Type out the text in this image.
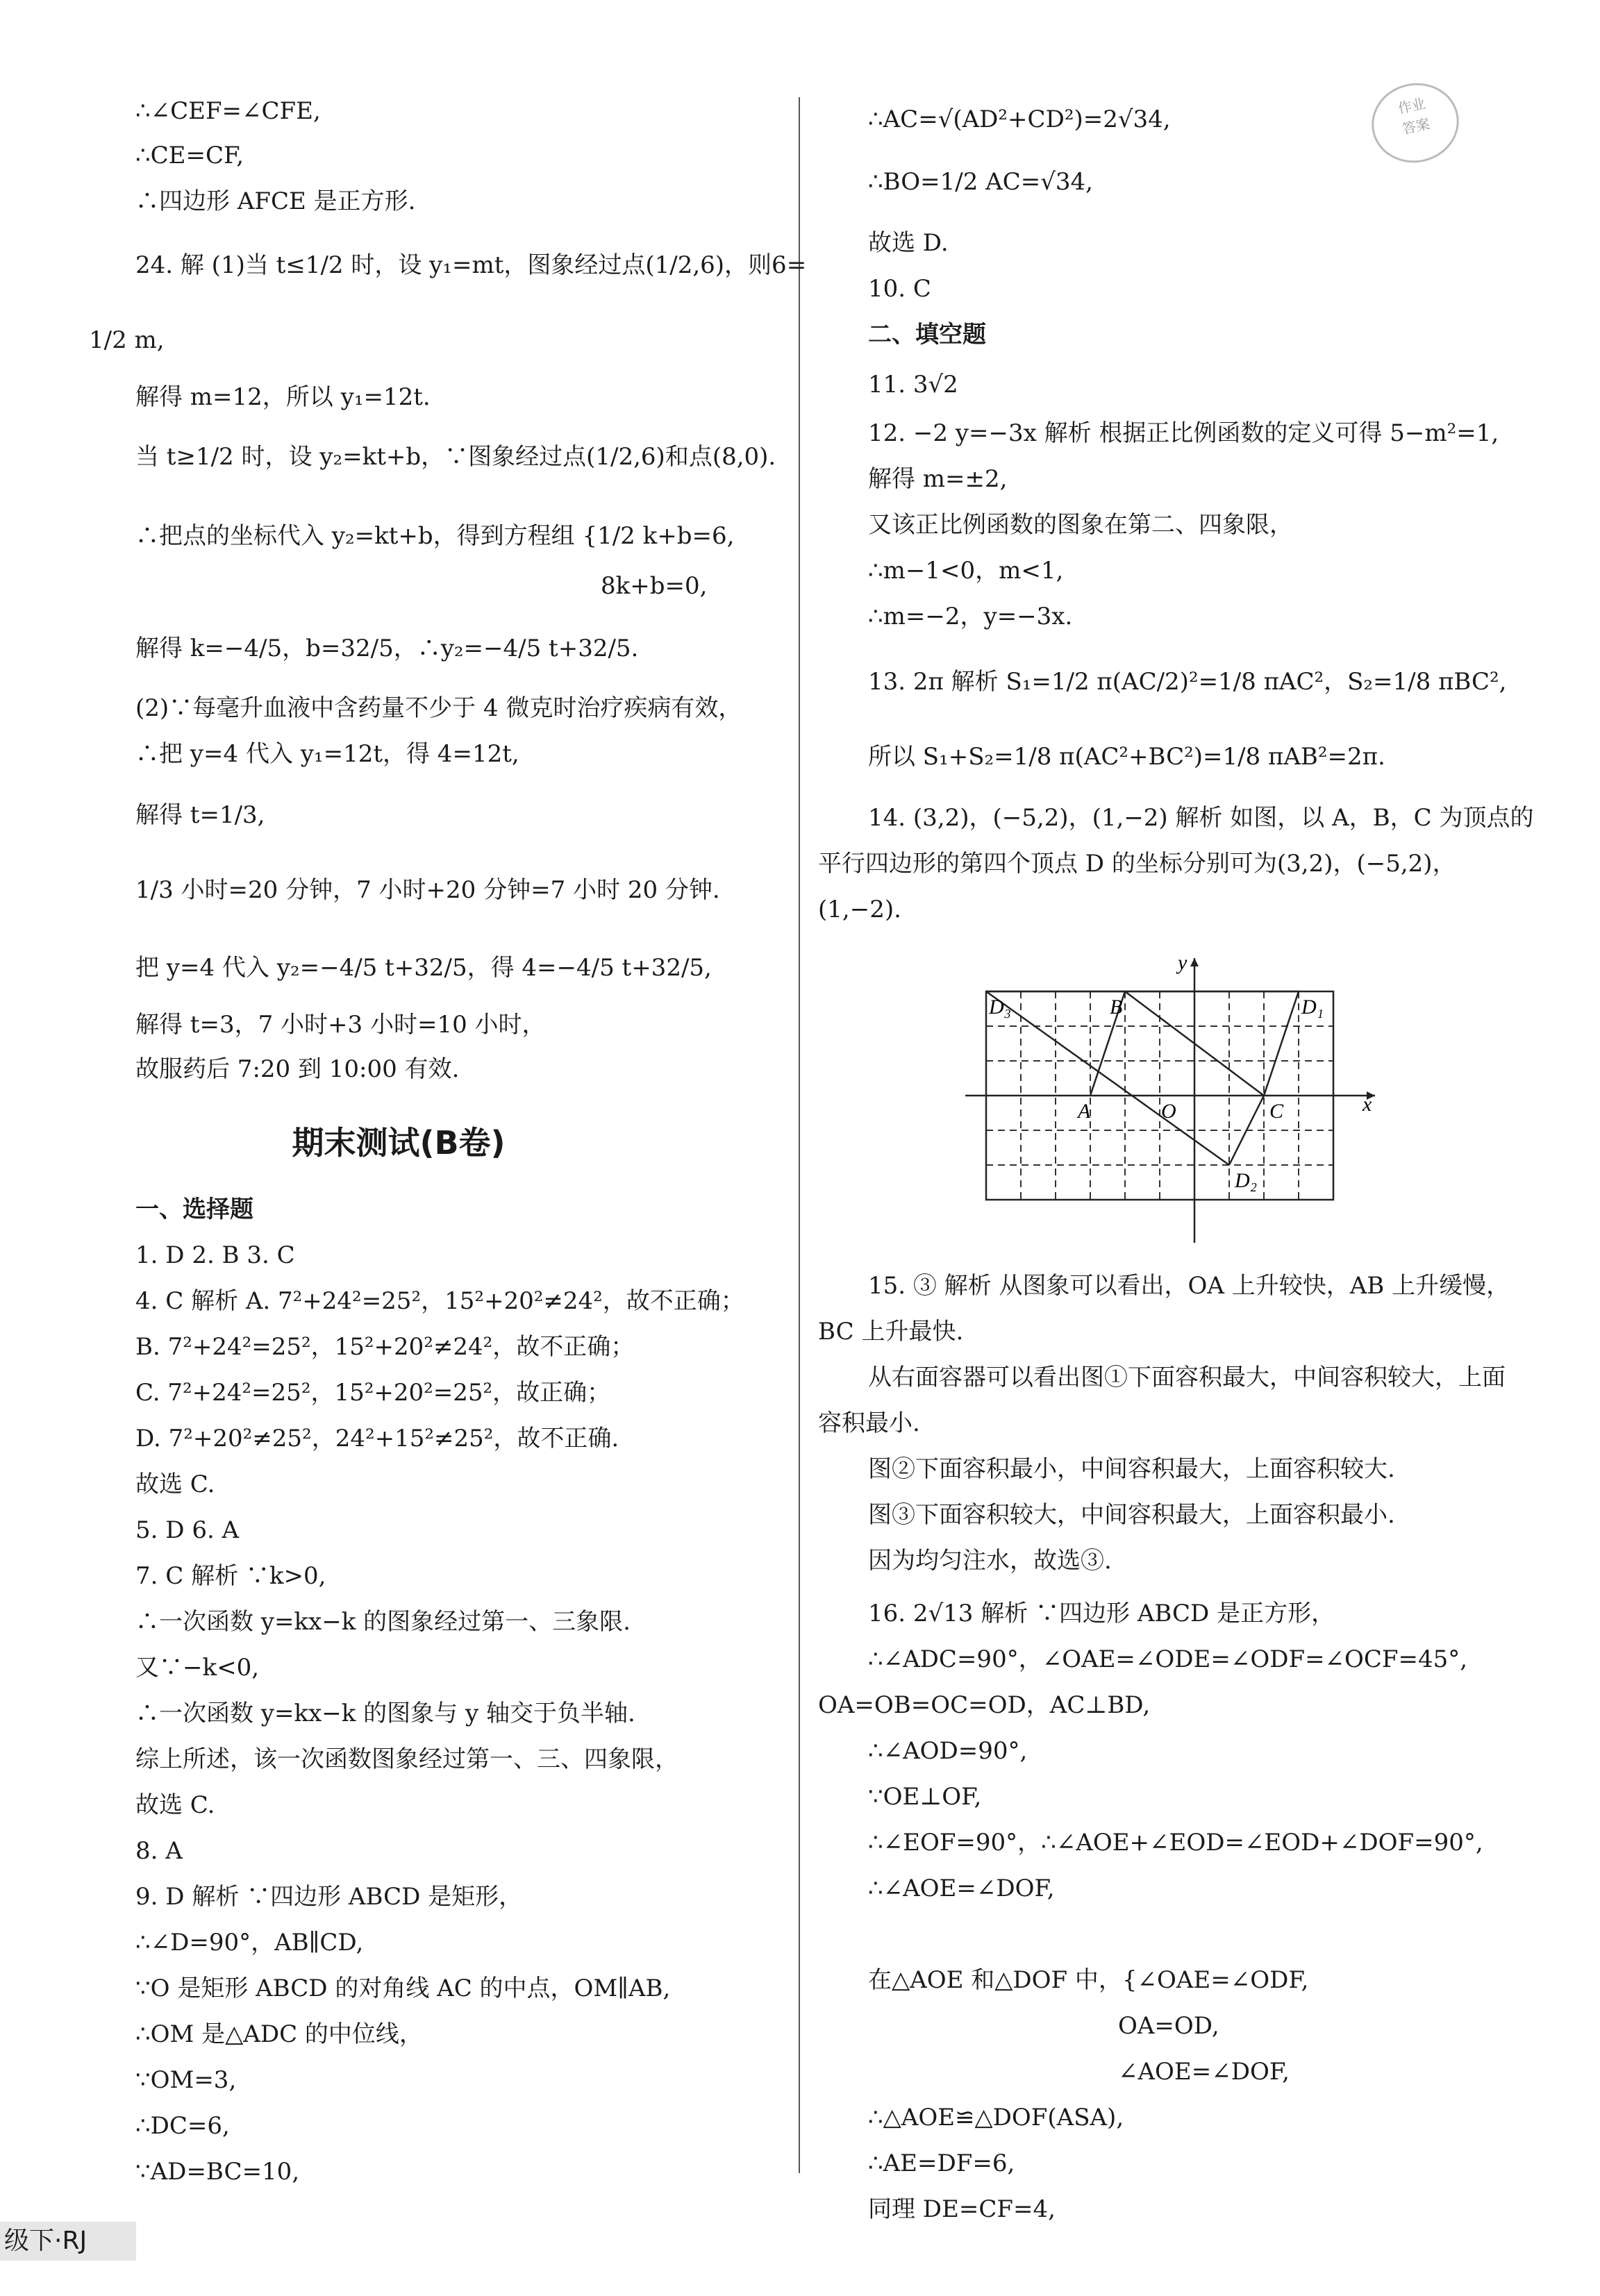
作业
答案
∴∠CEF=∠CFE,
∴CE=CF,
∴四边形 AFCE 是正方形.
24. 解 (1)当 t≤1/2 时，设 y₁=mt，图象经过点(1/2,6)，则6=
1/2 m,
解得 m=12，所以 y₁=12t.
当 t≥1/2 时，设 y₂=kt+b，∵图象经过点(1/2,6)和点(8,0).
∴把点的坐标代入 y₂=kt+b，得到方程组 {1/2 k+b=6,
8k+b=0,
解得 k=−4/5，b=32/5，∴y₂=−4/5 t+32/5.
(2)∵每毫升血液中含药量不少于 4 微克时治疗疾病有效，
∴把 y=4 代入 y₁=12t，得 4=12t,
解得 t=1/3,
1/3 小时=20 分钟，7 小时+20 分钟=7 小时 20 分钟.
把 y=4 代入 y₂=−4/5 t+32/5，得 4=−4/5 t+32/5,
解得 t=3，7 小时+3 小时=10 小时，
故服药后 7:20 到 10:00 有效.
期末测试(B卷)
一、选择题
1. D 2. B 3. C
4. C 解析 A. 7²+24²=25²，15²+20²≠24²，故不正确；
B. 7²+24²=25²，15²+20²≠24²，故不正确；
C. 7²+24²=25²，15²+20²=25²，故正确；
D. 7²+20²≠25²，24²+15²≠25²，故不正确.
故选 C.
5. D 6. A
7. C 解析 ∵k>0,
∴一次函数 y=kx−k 的图象经过第一、三象限.
又∵−k<0,
∴一次函数 y=kx−k 的图象与 y 轴交于负半轴.
综上所述，该一次函数图象经过第一、三、四象限，
故选 C.
8. A
9. D 解析 ∵四边形 ABCD 是矩形，
∴∠D=90°，AB∥CD,
∵O 是矩形 ABCD 的对角线 AC 的中点，OM∥AB,
∴OM 是△ADC 的中位线，
∵OM=3,
∴DC=6,
∵AD=BC=10,
∴AC=√(AD²+CD²)=2√34,
∴BO=1/2 AC=√34,
故选 D.
10. C
二、填空题
11. 3√2
12. −2 y=−3x 解析 根据正比例函数的定义可得 5−m²=1,
解得 m=±2,
又该正比例函数的图象在第二、四象限，
∴m−1<0，m<1,
∴m=−2，y=−3x.
13. 2π 解析 S₁=1/2 π(AC/2)²=1/8 πAC²，S₂=1/8 πBC²,
所以 S₁+S₂=1/8 π(AC²+BC²)=1/8 πAB²=2π.
14. (3,2)，(−5,2)，(1,−2) 解析 如图，以 A，B，C 为顶点的
平行四边形的第四个顶点 D 的坐标分别可为(3,2)，(−5,2)，
(1,−2).
15. ③ 解析 从图象可以看出，OA 上升较快，AB 上升缓慢，
BC 上升最快.
从右面容器可以看出图①下面容积最大，中间容积较大，上面
容积最小.
图②下面容积最小，中间容积最大，上面容积较大.
图③下面容积较大，中间容积最大，上面容积最小.
因为均匀注水，故选③.
16. 2√13 解析 ∵四边形 ABCD 是正方形，
∴∠ADC=90°，∠OAE=∠ODE=∠ODF=∠OCF=45°,
OA=OB=OC=OD，AC⊥BD,
∴∠AOD=90°,
∵OE⊥OF,
∴∠EOF=90°，∴∠AOE+∠EOD=∠EOD+∠DOF=90°,
∴∠AOE=∠DOF,
在△AOE 和△DOF 中，{∠OAE=∠ODF,
OA=OD,
∠AOE=∠DOF,
∴△AOE≌△DOF(ASA),
∴AE=DF=6,
同理 DE=CF=4,
x
y
D₃	B	D₁
A	O	C
D₂
级下·RJ
